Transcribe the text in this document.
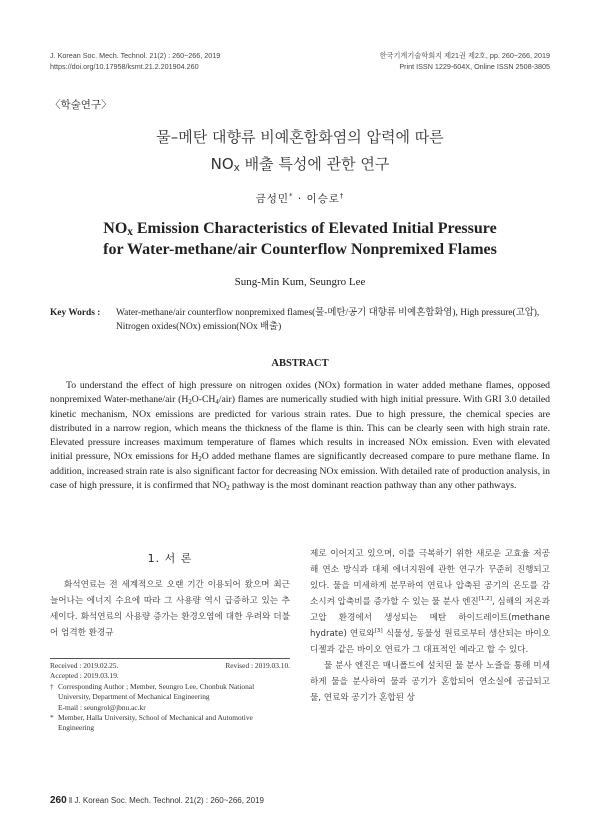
J. Korean Soc. Mech. Technol. 21(2) : 260~266, 2019
https://doi.org/10.17958/ksmt.21.2.201904.260
한국기계기술학회지 제21권 제2호, pp. 260~266, 2019
Print ISSN 1229-604X, Online ISSN 2508-3805
〈학술연구〉
물–메탄 대향류 비예혼합화염의 압력에 따른
$NO_x$ 배출 특성에 관한 연구
금성민* · 이승로†
$NO_x$ Emission Characteristics of Elevated Initial Pressure
for Water-methane/air Counterflow Nonpremixed Flames
Sung-Min Kum, Seungro Lee
Key Words : Water-methane/air counterflow nonpremixed flames(물-메탄/공기 대향류 비예혼합화염), High pressure(고압), Nitrogen oxides(NOx) emission(NOx 배출)
ABSTRACT
To understand the effect of high pressure on nitrogen oxides (NOx) formation in water added methane flames, opposed nonpremixed Water-methane/air $(H_2O-CH_4/air)$ flames are numerically studied with high initial pressure. With GRI 3.0 detailed kinetic mechanism, NOx emissions are predicted for various strain rates. Due to high pressure, the chemical species are distributed in a narrow region, which means the thickness of the flame is thin. This can be clearly seen with high strain rate. Elevated pressure increases maximum temperature of flames which results in increased NOx emission. Even with elevated initial pressure, NOx emissions for $H_2O$ added methane flames are significantly decreased compare to pure methane flame. In addition, increased strain rate is also significant factor for decreasing NOx emission. With detailed rate of production analysis, in case of high pressure, it is confirmed that $NO_2$ pathway is the most dominant reaction pathway than any other pathways.
1. 서 론
화석연료는 전 세계적으로 오랜 기간 이용되어 왔으며 최근 늘어나는 에너지 수요에 따라 그 사용량 역시 급증하고 있는 추세이다. 화석연료의 사용량 증가는 환경오염에 대한 우려와 더불어 엄격한 환경규
제로 이어지고 있으며, 이를 극복하기 위한 새로운 고효율 저공해 연소 방식과 대체 에너지원에 관한 연구가 꾸준히 진행되고 있다. 물을 미세하게 분무하여 연료나 압축된 공기의 온도를 감소시켜 압축비를 증가할 수 있는 물 분사 엔진[1,2], 심해의 저온과 고압 환경에서 생성되는 메탄 하이드레이트(methane hydrate) 연료와[3] 식물성, 동물성 원료로부터 생산되는 바이오 디젤과 같은 바이오 연료가 그 대표적인 예라고 할 수 있다.
물 분사 엔진은 매니폴드에 설치된 물 분사 노즐을 통해 미세하게 물을 분사하여 물과 공기가 혼합되어 연소실에 공급되고 물, 연료와 공기가 혼합된 상
Received : 2019.02.25.	Revised : 2019.03.10.
Accepted : 2019.03.19.
† Corresponding Author ; Member, Seungro Lee, Chonbuk National
University, Department of Mechanical Engineering
E-mail : seungrol@jbnu.ac.kr
* Member, Halla University, School of Mechanical and Automotive
Engineering
260 ‖ J. Korean Soc. Mech. Technol. 21(2) : 260~266, 2019
